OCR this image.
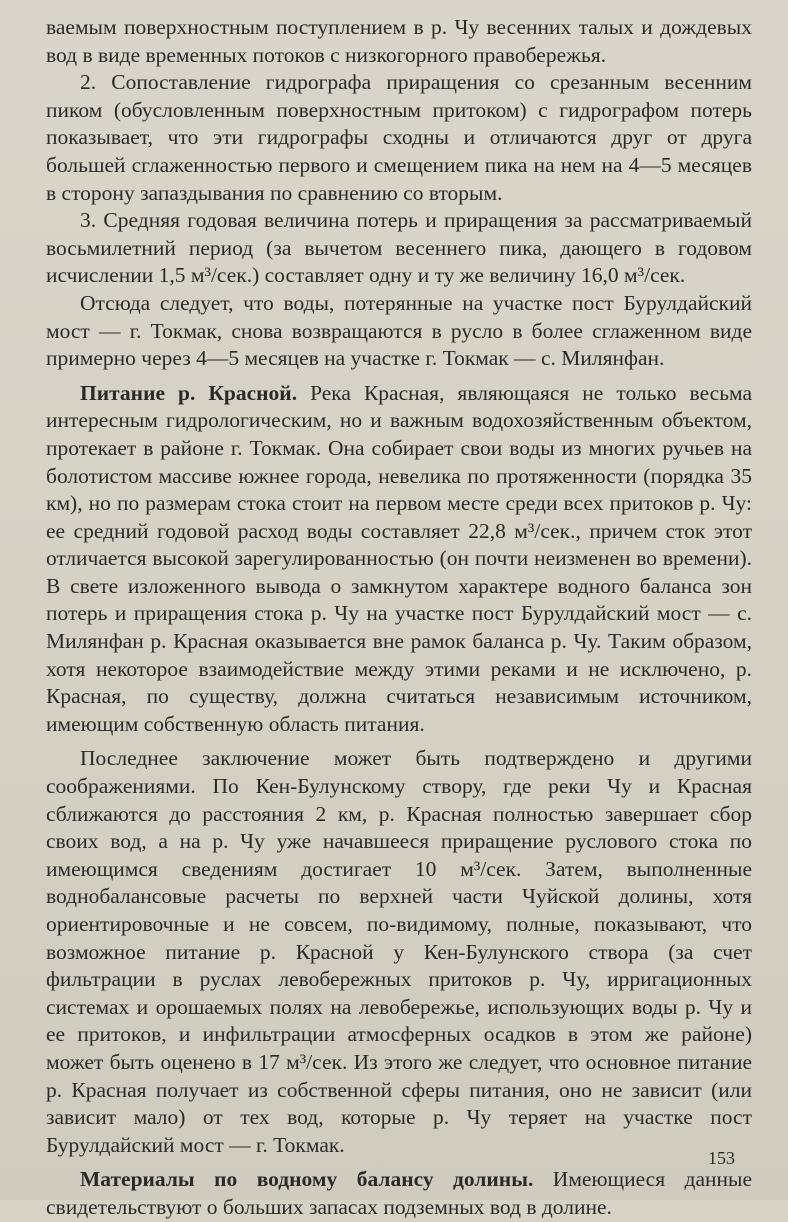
ваемым поверхностным поступлением в р. Чу весенних талых и дождевых вод в виде временных потоков с низкогорного правобережья.

2. Сопоставление гидрографа приращения со срезанным весенним пиком (обусловленным поверхностным притоком) с гидрографом потерь показывает, что эти гидрографы сходны и отличаются друг от друга большей сглаженностью первого и смещением пика на нем на 4—5 месяцев в сторону запаздывания по сравнению со вторым.

3. Средняя годовая величина потерь и приращения за рассматриваемый восьмилетний период (за вычетом весеннего пика, дающего в годовом исчислении 1,5 м³/сек.) составляет одну и ту же величину 16,0 м³/сек.

Отсюда следует, что воды, потерянные на участке пост Бурулдайский мост — г. Токмак, снова возвращаются в русло в более сглаженном виде примерно через 4—5 месяцев на участке г. Токмак — с. Милянфан.

Питание р. Красной. Река Красная, являющаяся не только весьма интересным гидрологическим, но и важным водохозяйственным объектом, протекает в районе г. Токмак. Она собирает свои воды из многих ручьев на болотистом массиве южнее города, невелика по протяженности (порядка 35 км), но по размерам стока стоит на первом месте среди всех притоков р. Чу: ее средний годовой расход воды составляет 22,8 м³/сек., причем сток этот отличается высокой зарегулированностью (он почти неизменен во времени). В свете изложенного вывода о замкнутом характере водного баланса зон потерь и приращения стока р. Чу на участке пост Бурулдайский мост — с. Милянфан р. Красная оказывается вне рамок баланса р. Чу. Таким образом, хотя некоторое взаимодействие между этими реками и не исключено, р. Красная, по существу, должна считаться независимым источником, имеющим собственную область питания.

Последнее заключение может быть подтверждено и другими соображениями. По Кен-Булунскому створу, где реки Чу и Красная сближаются до расстояния 2 км, р. Красная полностью завершает сбор своих вод, а на р. Чу уже начавшееся приращение руслового стока по имеющимся сведениям достигает 10 м³/сек. Затем, выполненные воднобалансовые расчеты по верхней части Чуйской долины, хотя ориентировочные и не совсем, по-видимому, полные, показывают, что возможное питание р. Красной у Кен-Булунского створа (за счет фильтрации в руслах левобережных притоков р. Чу, ирригационных системах и орошаемых полях на левобережье, использующих воды р. Чу и ее притоков, и инфильтрации атмосферных осадков в этом же районе) может быть оценено в 17 м³/сек. Из этого же следует, что основное питание р. Красная получает из собственной сферы питания, оно не зависит (или зависит мало) от тех вод, которые р. Чу теряет на участке пост Бурулдайский мост — г. Токмак.

Материалы по водному балансу долины. Имеющиеся данные свидетельствуют о больших запасах подземных вод в долине.

153
